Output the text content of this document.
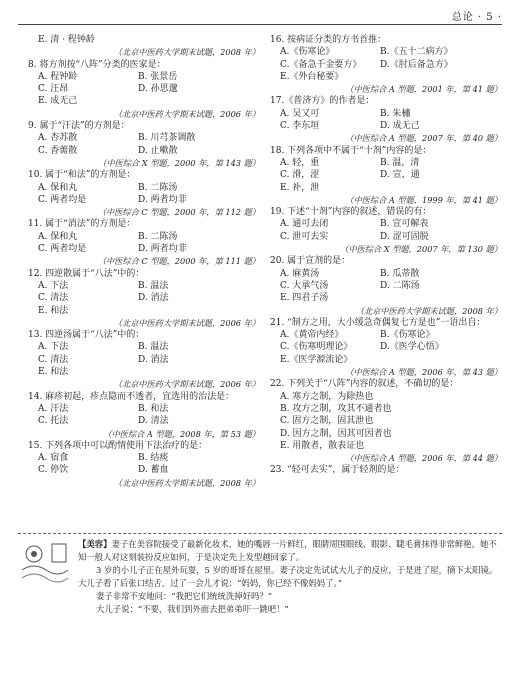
总论 · 5 ·
E. 清 · 程钟龄
（北京中医药大学期末试题，2008 年）
8. 将方剂按“八阵”分类的医家是：
A. 程钟龄	B. 张景岳
C. 汪昂	D. 孙思邈
E. 成无己
（北京中医药大学期末试题，2006 年）
9. 属于“汗法”的方剂是：
A. 杏苏散	B. 川芎茶调散
C. 香薷散	D. 止嗽散
（中医综合 X 型题，2000 年，第 143 题）
10. 属于“和法”的方剂是：
A. 保和丸	B. 二陈汤
C. 两者均是	D. 两者均非
（中医综合 C 型题，2000 年，第 112 题）
11. 属于“消法”的方剂是：
A. 保和丸	B. 二陈汤
C. 两者均是	D. 两者均非
（中医综合 C 型题，2000 年，第 111 题）
12. 四逆散属于“八法”中的：
A. 下法	B. 温法
C. 清法	D. 消法
E. 和法
（北京中医药大学期末试题，2006 年）
13. 四逆汤属于“八法”中的：
A. 下法	B. 温法
C. 清法	D. 消法
E. 和法
（北京中医药大学期末试题，2006 年）
14. 麻疹初起，疹点隐而不透者，宜选用的治法是：
A. 汗法	B. 和法
C. 托法	D. 清法
（中医综合 A 型题，2008 年，第 53 题）
15. 下列各项中可以酌情使用下法治疗的是：
A. 宿食	B. 结痰
C. 停饮	D. 蓄血
（北京中医药大学期末试题，2008 年）
16. 按病证分类的方书首推：
A.《伤寒论》	B.《五十二病方》
C.《备急千金要方》	D.《肘后备急方》
E.《外台秘要》
（中医综合 A 型题，2001 年，第 41 题）
17.《普济方》的作者是：
A. 吴又可	B. 朱橚
C. 李东垣	D. 成无己
（中医综合 A 型题，2007 年，第 40 题）
18. 下列各项中不属于“十剂”内容的是：
A. 轻，重	B. 温，清
C. 滑，涩	D. 宣，通
E. 补，泄
（中医综合 A 型题，1999 年，第 41 题）
19. 下述“十剂”内容的叙述，错误的有：
A. 通可去闭	B. 宣可解表
C. 泄可去实	D. 涩可固脱
（中医综合 X 型题，2007 年，第 130 题）
20. 属于宣剂的是：
A. 麻黄汤	B. 瓜蒂散
C. 大承气汤	D. 二陈汤
E. 四君子汤
（北京中医药大学期末试题，2008 年）
21. “制方之用，大小缓急奇偶复七方是也”一语出自：
A.《黄帝内经》	B.《伤寒论》
C.《伤寒明理论》	D.《医学心悟》
E.《医学源流论》
（中医综合 A 型题，2006 年，第 43 题）
22. 下列关于“八阵”内容的叙述，不确切的是：
A. 寒方之制，为除热也
B. 攻方之制，攻其不通者也
C. 固方之制，固其泄也
D. 因方之制，因其可因者也
E. 用散者，散表证也
（中医综合 A 型题，2006 年，第 44 题）
23. “轻可去实”，属于轻剂的是：

【美容】妻子在美容院接受了最新化妆术，她的嘴唇一片鲜红，眼睛周围眼线、眼影、睫毛膏抹得非常鲜艳。她不知一般人对这刻装扮反应如何，于是决定先上发型越回家了。

3 岁的小儿子正在屋外玩耍，5 岁的哥哥在屋里。妻子决定先试试大儿子的反应，于是进了屋，摘下太阳镜。大儿子看了后张口结舌，过了一会儿才说：“妈妈，你已经不像妈妈了。”

妻子非常不安地问：“我把它们统统洗掉好吗？”

大儿子说：“不要，我们到外面去把弟弟吓一跳吧！”
